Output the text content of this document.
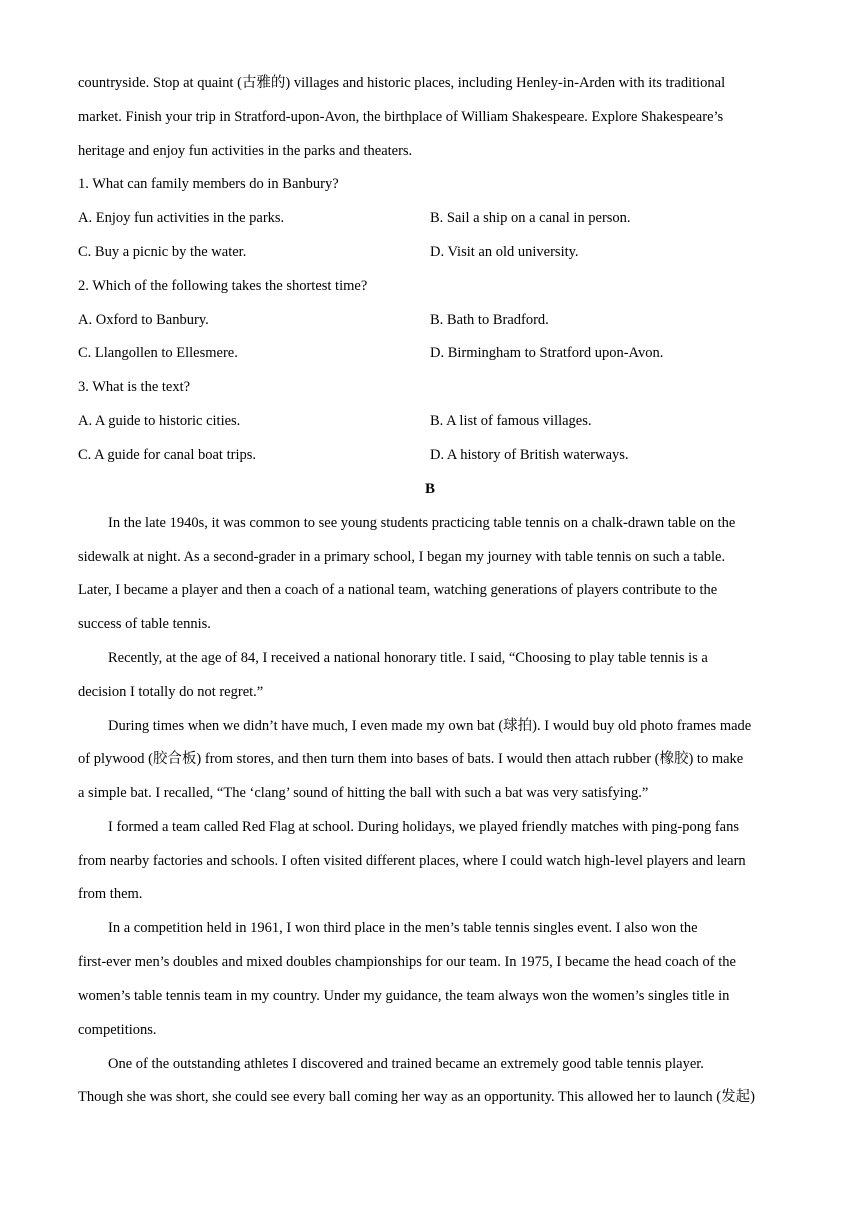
countryside. Stop at quaint (古雅的) villages and historic places, including Henley-in-Arden with its traditional
market. Finish your trip in Stratford-upon-Avon, the birthplace of William Shakespeare. Explore Shakespeare’s
heritage and enjoy fun activities in the parks and theaters.
1. What can family members do in Banbury?
A. Enjoy fun activities in the parks.	B. Sail a ship on a canal in person.
C. Buy a picnic by the water.	D. Visit an old university.
2. Which of the following takes the shortest time?
A. Oxford to Banbury.	B. Bath to Bradford.
C. Llangollen to Ellesmere.	D. Birmingham to Stratford upon-Avon.
3. What is the text?
A. A guide to historic cities.	B. A list of famous villages.
C. A guide for canal boat trips.	D. A history of British waterways.
B
In the late 1940s, it was common to see young students practicing table tennis on a chalk-drawn table on the
sidewalk at night. As a second-grader in a primary school, I began my journey with table tennis on such a table.
Later, I became a player and then a coach of a national team, watching generations of players contribute to the
success of table tennis.
Recently, at the age of 84, I received a national honorary title. I said, “Choosing to play table tennis is a
decision I totally do not regret.”
During times when we didn’t have much, I even made my own bat (球拍). I would buy old photo frames made
of plywood (胶合板) from stores, and then turn them into bases of bats. I would then attach rubber (橡胶) to make
a simple bat. I recalled, “The ‘clang’ sound of hitting the ball with such a bat was very satisfying.”
I formed a team called Red Flag at school. During holidays, we played friendly matches with ping-pong fans
from nearby factories and schools. I often visited different places, where I could watch high-level players and learn
from them.
In a competition held in 1961, I won third place in the men’s table tennis singles event. I also won the
first-ever men’s doubles and mixed doubles championships for our team. In 1975, I became the head coach of the
women’s table tennis team in my country. Under my guidance, the team always won the women’s singles title in
competitions.
One of the outstanding athletes I discovered and trained became an extremely good table tennis player.
Though she was short, she could see every ball coming her way as an opportunity. This allowed her to launch (发起)
